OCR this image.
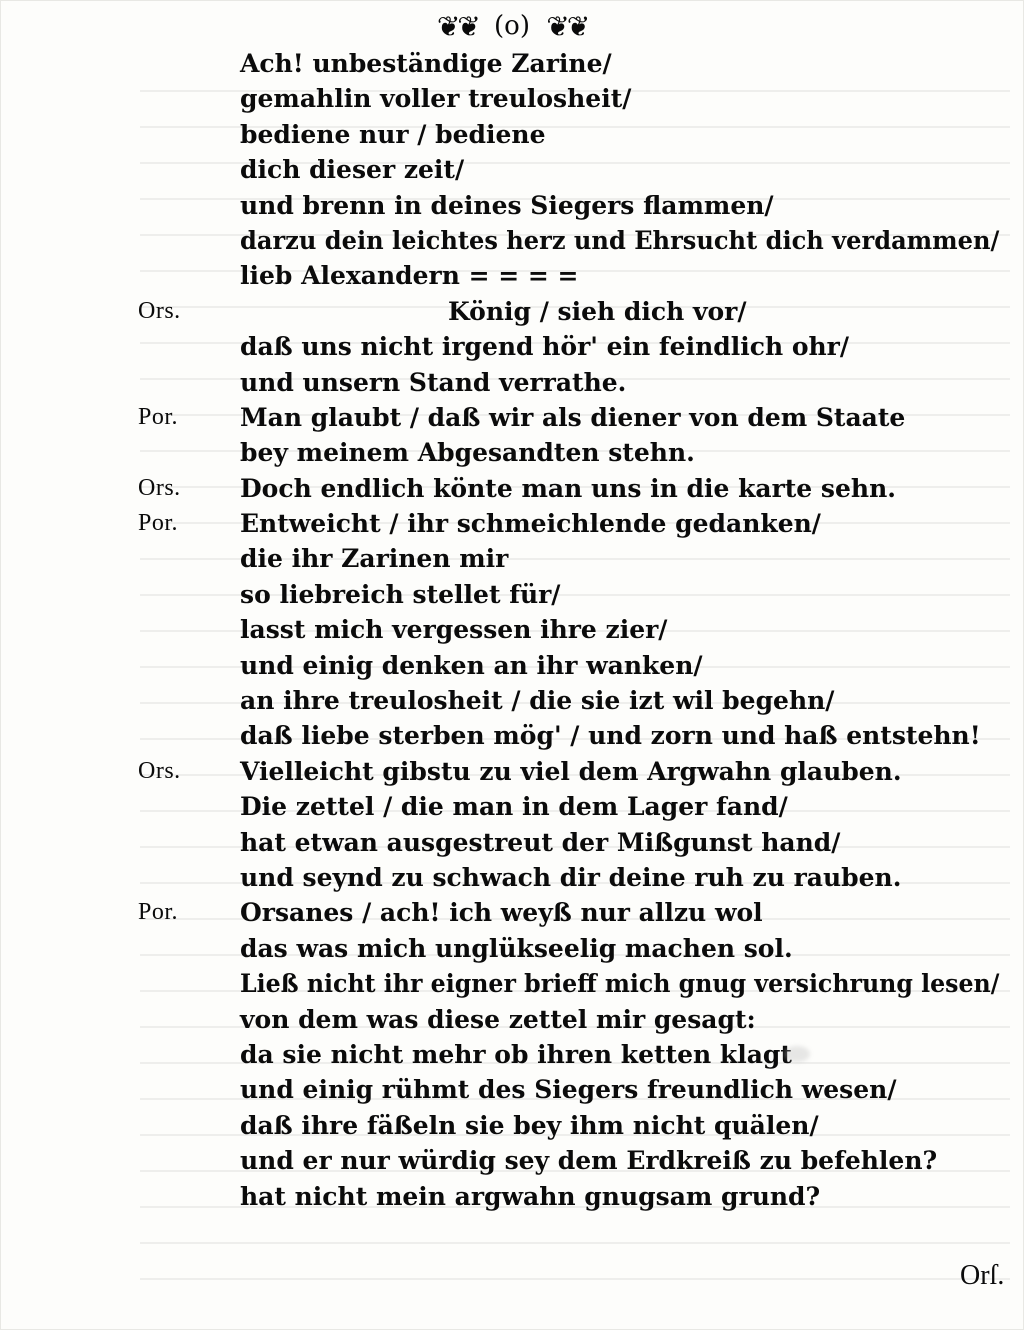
❦❦ (o) ❦❦
Ach! unbeständige Zarine/
gemahlin voller treulosheit/
bediene nur / bediene
dich dieser zeit/
und brenn in deines Siegers flammen/
darzu dein leichtes herz und Ehrsucht dich verdammen/
lieb Alexandern = = = =
Ors.	König / sieh dich vor/
daß uns nicht irgend hör' ein feindlich ohr/
und unsern Stand verrathe.
Por. Man glaubt / daß wir als diener von dem Staate
bey meinem Abgesandten stehn.
Ors. Doch endlich könte man uns in die karte sehn.
Por. Entweicht / ihr schmeichlende gedanken/
die ihr Zarinen mir
so liebreich stellet für/
lasst mich vergessen ihre zier/
und einig denken an ihr wanken/
an ihre treulosheit / die sie izt wil begehn/
daß liebe sterben mög' / und zorn und haß entstehn!
Ors. Vielleicht gibstu zu viel dem Argwahn glauben.
Die zettel / die man in dem Lager fand/
hat etwan ausgestreut der Mißgunst hand/
und seynd zu schwach dir deine ruh zu rauben.
Por. Orsanes / ach! ich weyß nur allzu wol
das was mich unglükseelig machen sol.
Ließ nicht ihr eigner brieff mich gnug versichrung lesen/
von dem was diese zettel mir gesagt:
da sie nicht mehr ob ihren ketten klagt
und einig rühmt des Siegers freundlich wesen/
daß ihre fäßeln sie bey ihm nicht quälen/
und er nur würdig sey dem Erdkreiß zu befehlen?
hat nicht mein argwahn gnugsam grund?
Orſ.
